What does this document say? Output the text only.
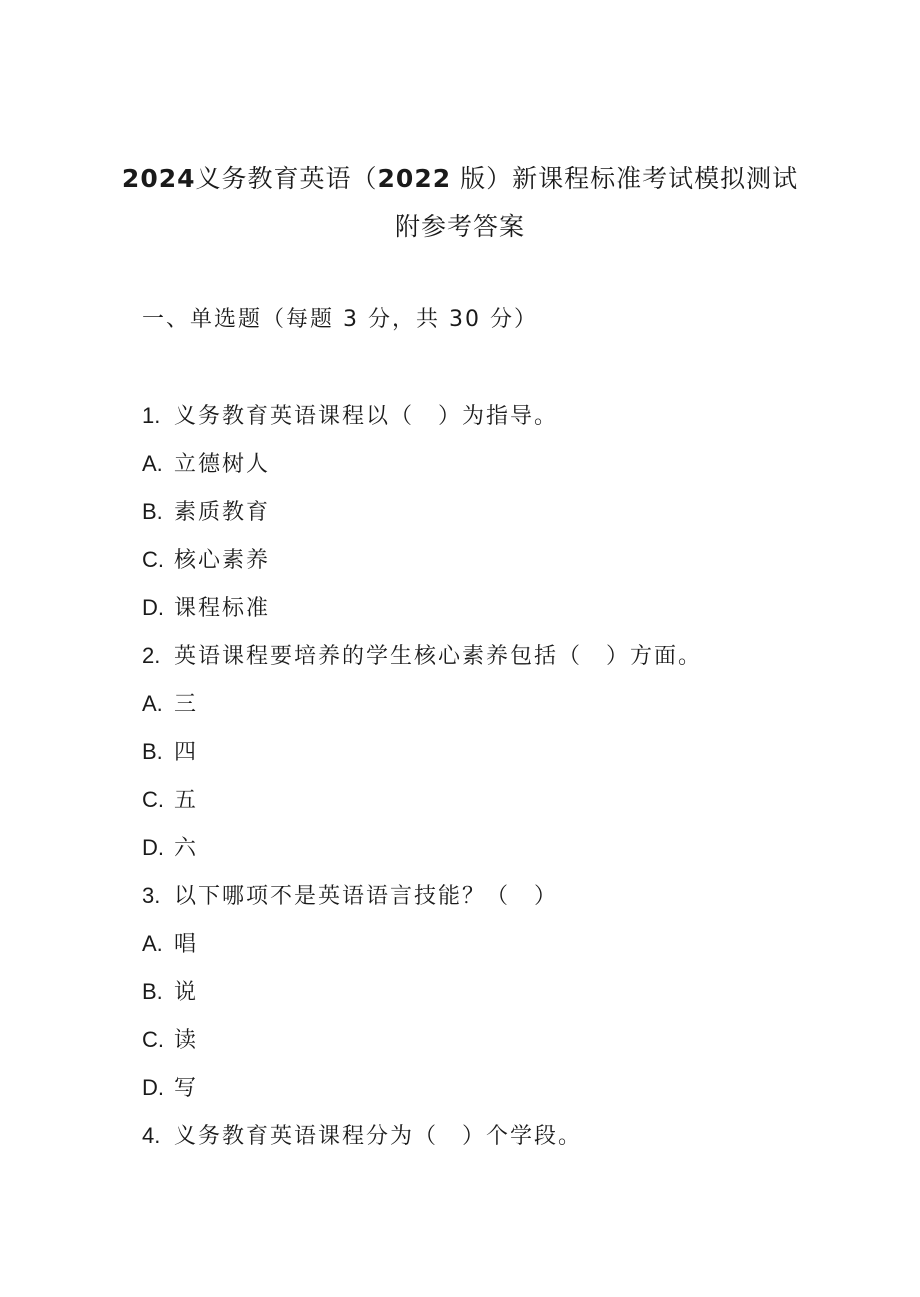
2024义务教育英语（2022 版）新课程标准考试模拟测试
附参考答案
一、单选题（每题 3 分，共 30 分）
1. 义务教育英语课程以（　）为指导。
A. 立德树人
B. 素质教育
C. 核心素养
D. 课程标准
2. 英语课程要培养的学生核心素养包括（　）方面。
A. 三
B. 四
C. 五
D. 六
3. 以下哪项不是英语语言技能？（　）
A. 唱
B. 说
C. 读
D. 写
4. 义务教育英语课程分为（　）个学段。
